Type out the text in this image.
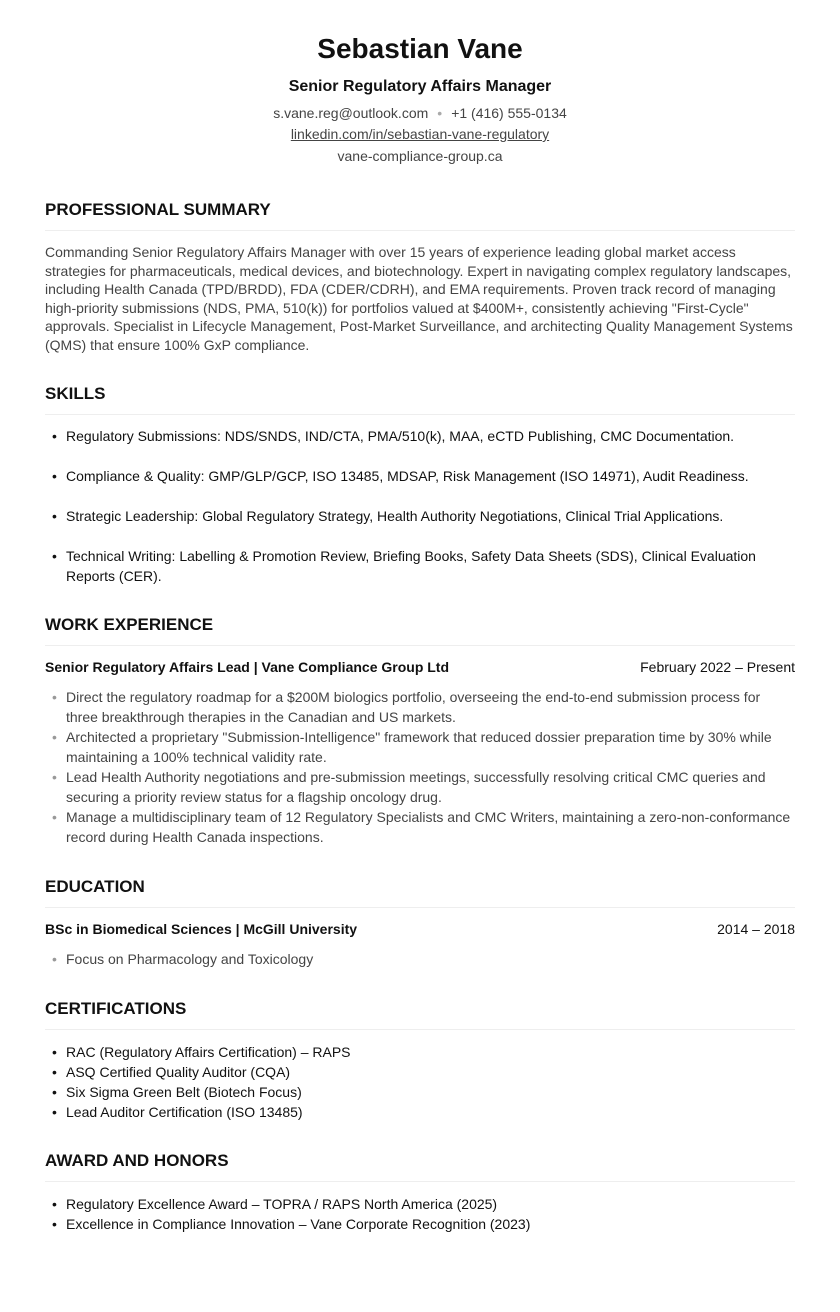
Sebastian Vane
Senior Regulatory Affairs Manager
s.vane.reg@outlook.com • +1 (416) 555-0134
linkedin.com/in/sebastian-vane-regulatory
vane-compliance-group.ca
PROFESSIONAL SUMMARY
Commanding Senior Regulatory Affairs Manager with over 15 years of experience leading global market access strategies for pharmaceuticals, medical devices, and biotechnology. Expert in navigating complex regulatory landscapes, including Health Canada (TPD/BRDD), FDA (CDER/CDRH), and EMA requirements. Proven track record of managing high-priority submissions (NDS, PMA, 510(k)) for portfolios valued at $400M+, consistently achieving "First-Cycle" approvals. Specialist in Lifecycle Management, Post-Market Surveillance, and architecting Quality Management Systems (QMS) that ensure 100% GxP compliance.
SKILLS
• Regulatory Submissions: NDS/SNDS, IND/CTA, PMA/510(k), MAA, eCTD Publishing, CMC Documentation.
• Compliance & Quality: GMP/GLP/GCP, ISO 13485, MDSAP, Risk Management (ISO 14971), Audit Readiness.
• Strategic Leadership: Global Regulatory Strategy, Health Authority Negotiations, Clinical Trial Applications.
• Technical Writing: Labelling & Promotion Review, Briefing Books, Safety Data Sheets (SDS), Clinical Evaluation Reports (CER).
WORK EXPERIENCE
Senior Regulatory Affairs Lead | Vane Compliance Group Ltd	February 2022 – Present
• Direct the regulatory roadmap for a $200M biologics portfolio, overseeing the end-to-end submission process for three breakthrough therapies in the Canadian and US markets.
• Architected a proprietary "Submission-Intelligence" framework that reduced dossier preparation time by 30% while maintaining a 100% technical validity rate.
• Lead Health Authority negotiations and pre-submission meetings, successfully resolving critical CMC queries and securing a priority review status for a flagship oncology drug.
• Manage a multidisciplinary team of 12 Regulatory Specialists and CMC Writers, maintaining a zero-non-conformance record during Health Canada inspections.
EDUCATION
BSc in Biomedical Sciences | McGill University	2014 – 2018
• Focus on Pharmacology and Toxicology
CERTIFICATIONS
• RAC (Regulatory Affairs Certification) – RAPS
• ASQ Certified Quality Auditor (CQA)
• Six Sigma Green Belt (Biotech Focus)
• Lead Auditor Certification (ISO 13485)
AWARD AND HONORS
• Regulatory Excellence Award – TOPRA / RAPS North America (2025)
• Excellence in Compliance Innovation – Vane Corporate Recognition (2023)
